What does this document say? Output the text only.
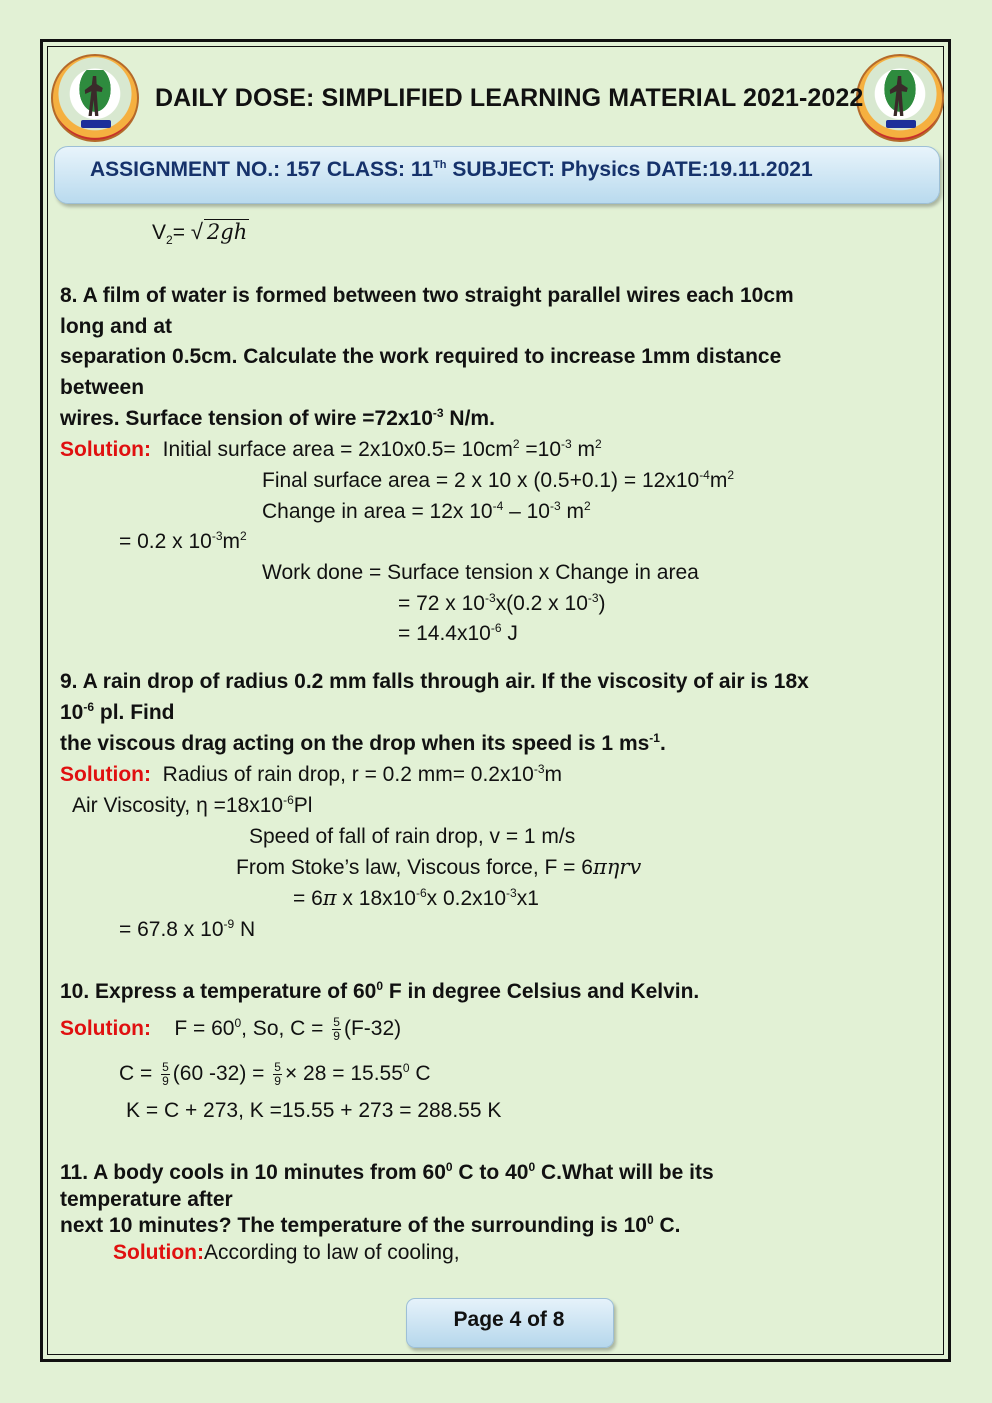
DAILY DOSE: SIMPLIFIED LEARNING MATERIAL 2021-2022
ASSIGNMENT NO.: 157 CLASS: 11Th SUBJECT: Physics DATE:19.11.2021
$V_2=$ √ 2gh
8. A film of water is formed between two straight parallel wires each 10cm
long and at
separation 0.5cm. Calculate the work required to increase 1mm distance
between
wires. Surface tension of wire $=72x10^{-3}$ N/m.
Solution: Initial surface area = $2x10x0.5= 10cm^2 =10^{-3}$ $m^2$
Final surface area = 2 x 10 x $(0.5+0.1) = 12x10^{-4}m^2$
Change in area = 12x $10^{-4} - 10^{-3}$ $m^2$
= 0.2 x $10^{-3}m^2$
Work done = Surface tension x Change in area
= 72 x $10^{-3}x(0.2$ x $10^{-3}$)
= $14.4x10^{-6}$ J
9. A rain drop of radius 0.2 mm falls through air. If the viscosity of air is 18x
$10^{-6}$ pl. Find
the viscous drag acting on the drop when its speed is 1 $ms^{-1}$.
Solution: Radius of rain drop, r = 0.2 $mm= 0.2x10^{-3}m$
Air Viscosity, $\eta =18x10^{-6}Pl$
Speed of fall of rain drop, v = 1 m/s
From Stoke’s law, Viscous force, F = 6πηrv
= 6π x $18x10^{-6}x$ $0.2x10^{-3}x1$
= 67.8 x $10^{-9}$ N
10. Express a temperature of $60^0$ F in degree Celsius and Kelvin.
Solution: $F = 60^0$, So, $C = \frac{5}{9} (F-32)$
$C = \frac{5}{9} (60$ $-32) = \frac{5}{9} \times 28 = 15.55^0$ C
K = C + 273, K =15.55 + 273 = 288.55 K
11. A body cools in 10 minutes from $60^0$ C to $40^0$ C.What will be its
temperature after
next 10 minutes? The temperature of the surrounding is $10^0$ C.
Solution:According to law of cooling,
Page 4 of 8
